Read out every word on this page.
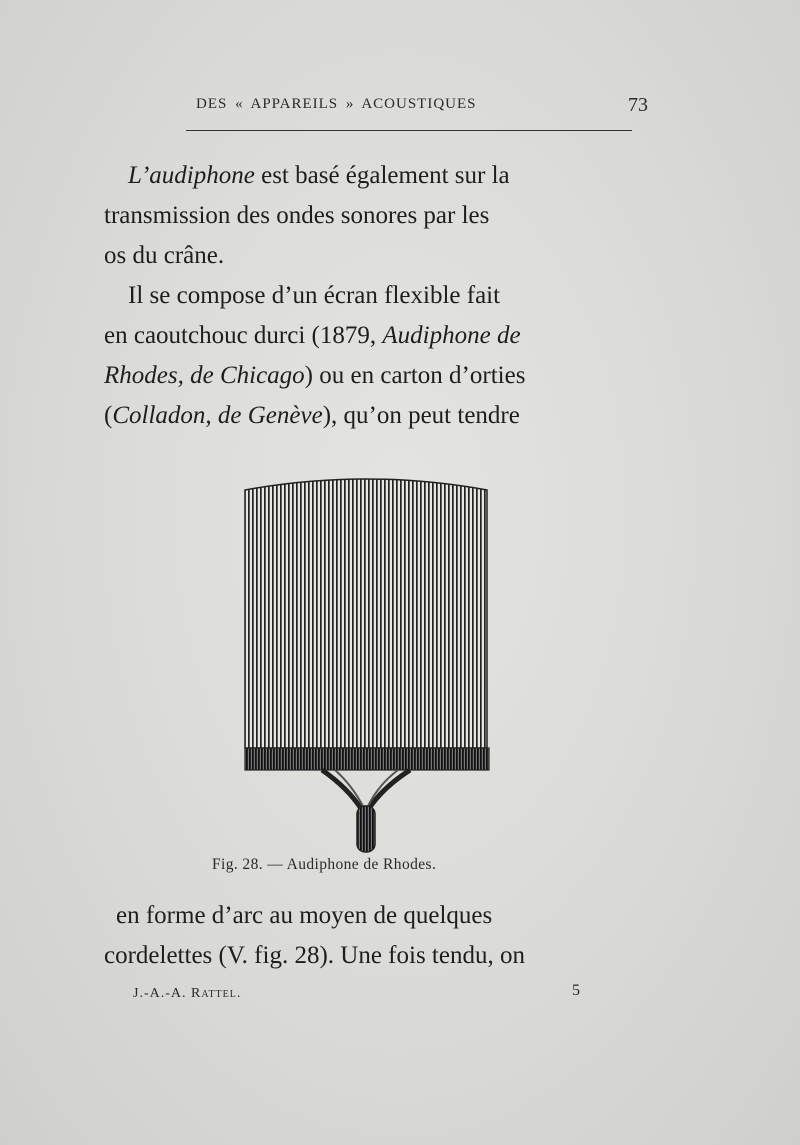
DES « APPAREILS » ACOUSTIQUES	73
L’audiphone est basé également sur la
transmission des ondes sonores par les
os du crâne.
Il se compose d’un écran flexible fait
en caoutchouc durci (1879, Audiphone de
Rhodes, de Chicago) ou en carton d’orties
(Colladon, de Genève), qu’on peut tendre
Fig. 28. — Audiphone de Rhodes.
en forme d’arc au moyen de quelques
cordelettes (V. fig. 28). Une fois tendu, on
J.-A.-A. Rattel.	5
